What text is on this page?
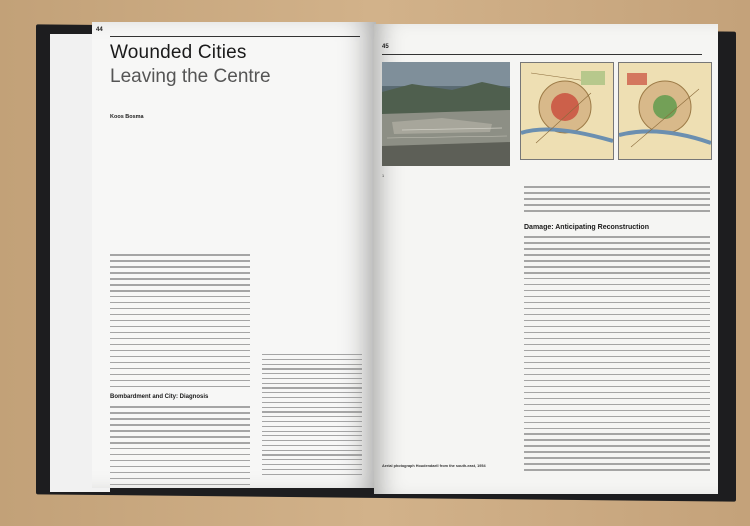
44
Wounded Cities
Leaving the Centre
Koos Bosma
Bombardment and City: Diagnosis
45
1
Aerial photograph Houdendaell from the south-east, 1954
Damage: Anticipating Reconstruction
